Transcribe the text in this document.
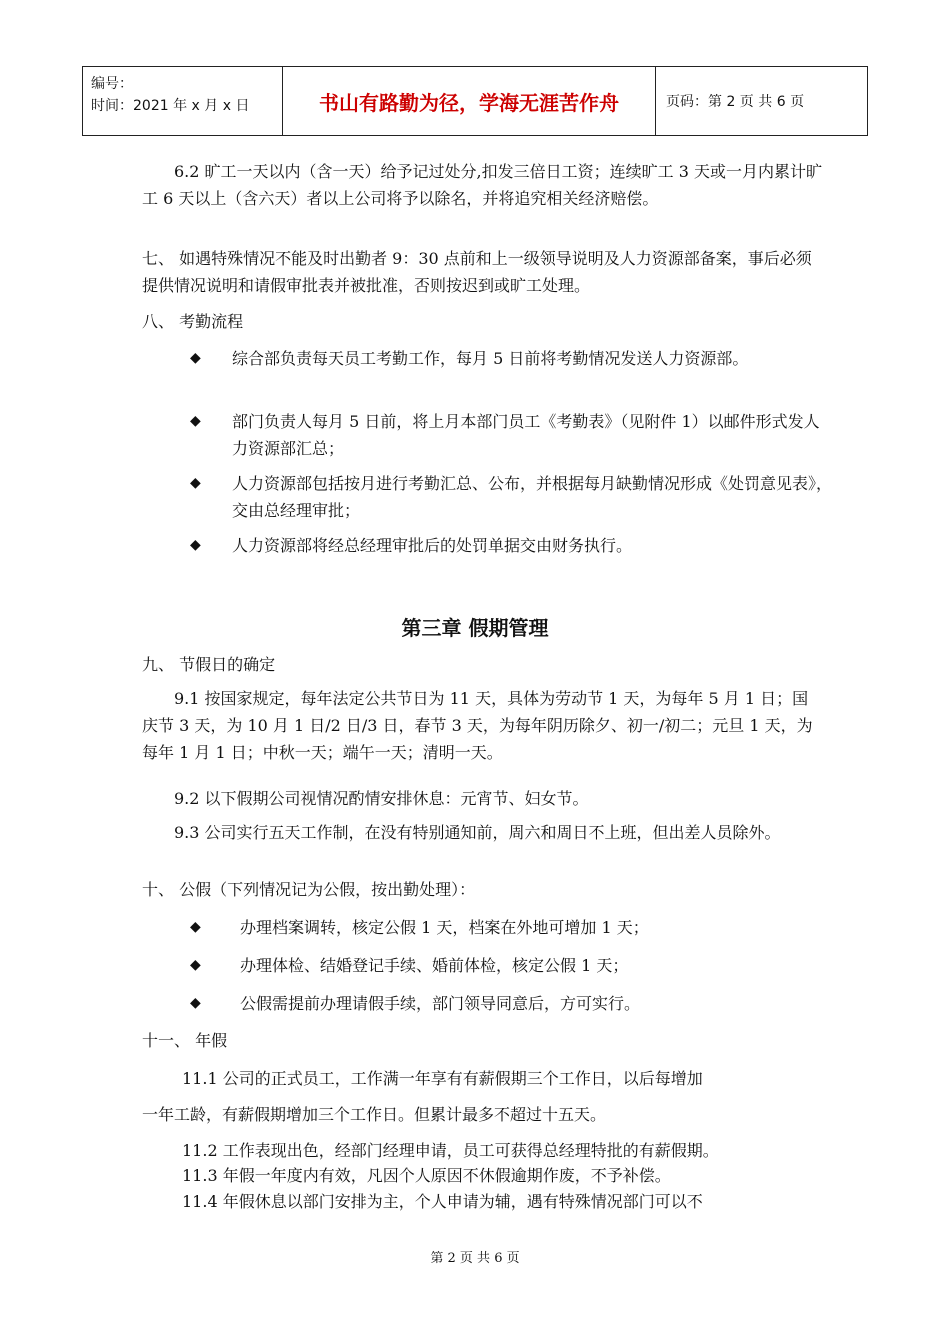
编号：
时间：2021 年 x 月 x 日	书山有路勤为径，学海无涯苦作舟	页码：第 2 页 共 6 页

6.2 旷工一天以内（含一天）给予记过处分,扣发三倍日工资；连续旷工 3 天或一月内累计旷工 6 天以上（含六天）者以上公司将予以除名，并将追究相关经济赔偿。

七、 如遇特殊情况不能及时出勤者 9：30 点前和上一级领导说明及人力资源部备案，事后必须提供情况说明和请假审批表并被批准，否则按迟到或旷工处理。

八、 考勤流程

◆ 综合部负责每天员工考勤工作，每月 5 日前将考勤情况发送人力资源部。
◆ 部门负责人每月 5 日前，将上月本部门员工《考勤表》（见附件 1）以邮件形式发人力资源部汇总；
◆ 人力资源部包括按月进行考勤汇总、公布，并根据每月缺勤情况形成《处罚意见表》，交由总经理审批；
◆ 人力资源部将经总经理审批后的处罚单据交由财务执行。
第三章 假期管理

九、 节假日的确定

9.1 按国家规定，每年法定公共节日为 11 天，具体为劳动节 1 天，为每年 5 月 1 日；国庆节 3 天，为 10 月 1 日/2 日/3 日，春节 3 天，为每年阴历除夕、初一/初二；元旦 1 天，为每年 1 月 1 日；中秋一天；端午一天；清明一天。

9.2 以下假期公司视情况酌情安排休息：元宵节、妇女节。

9.3 公司实行五天工作制，在没有特别通知前，周六和周日不上班，但出差人员除外。

十、 公假（下列情况记为公假，按出勤处理）：

◆ 办理档案调转，核定公假 1 天，档案在外地可增加 1 天；
◆ 办理体检、结婚登记手续、婚前体检，核定公假 1 天；
◆ 公假需提前办理请假手续，部门领导同意后，方可实行。

十一、 年假

11.1 公司的正式员工，工作满一年享有有薪假期三个工作日，以后每增加

一年工龄，有薪假期增加三个工作日。但累计最多不超过十五天。

11.2 工作表现出色，经部门经理申请，员工可获得总经理特批的有薪假期。

11.3 年假一年度内有效，凡因个人原因不休假逾期作废，不予补偿。

11.4 年假休息以部门安排为主，个人申请为辅，遇有特殊情况部门可以不

第 2 页 共 6 页
